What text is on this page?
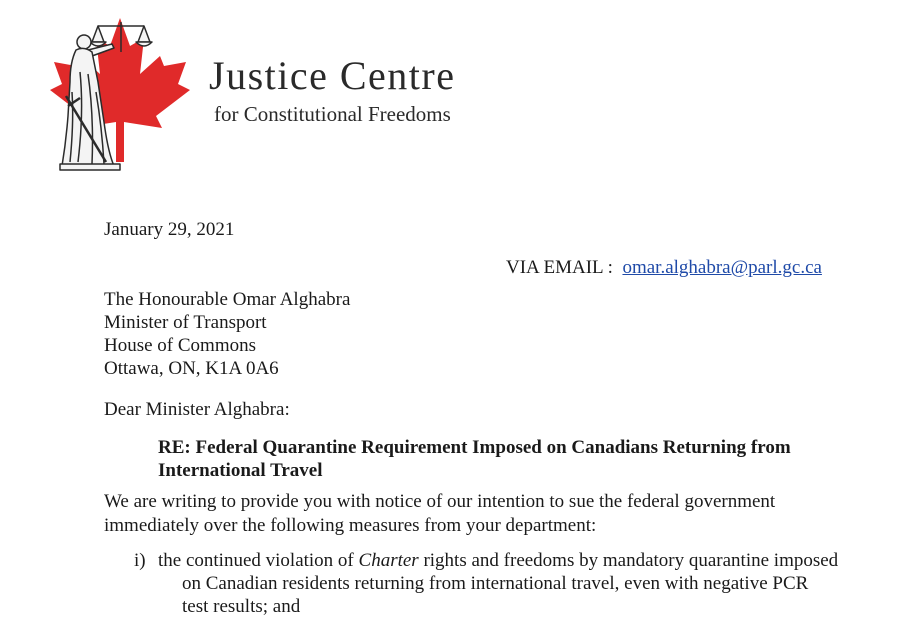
Justice Centre
for Constitutional Freedoms
January 29, 2021
VIA EMAIL : omar.alghabra@parl.gc.ca
The Honourable Omar Alghabra
Minister of Transport
House of Commons
Ottawa, ON, K1A 0A6
Dear Minister Alghabra:
RE: Federal Quarantine Requirement Imposed on Canadians Returning from
International Travel
We are writing to provide you with notice of our intention to sue the federal government
immediately over the following measures from your department:
i) the continued violation of Charter rights and freedoms by mandatory quarantine imposed
on Canadian residents returning from international travel, even with negative PCR
test results; and
